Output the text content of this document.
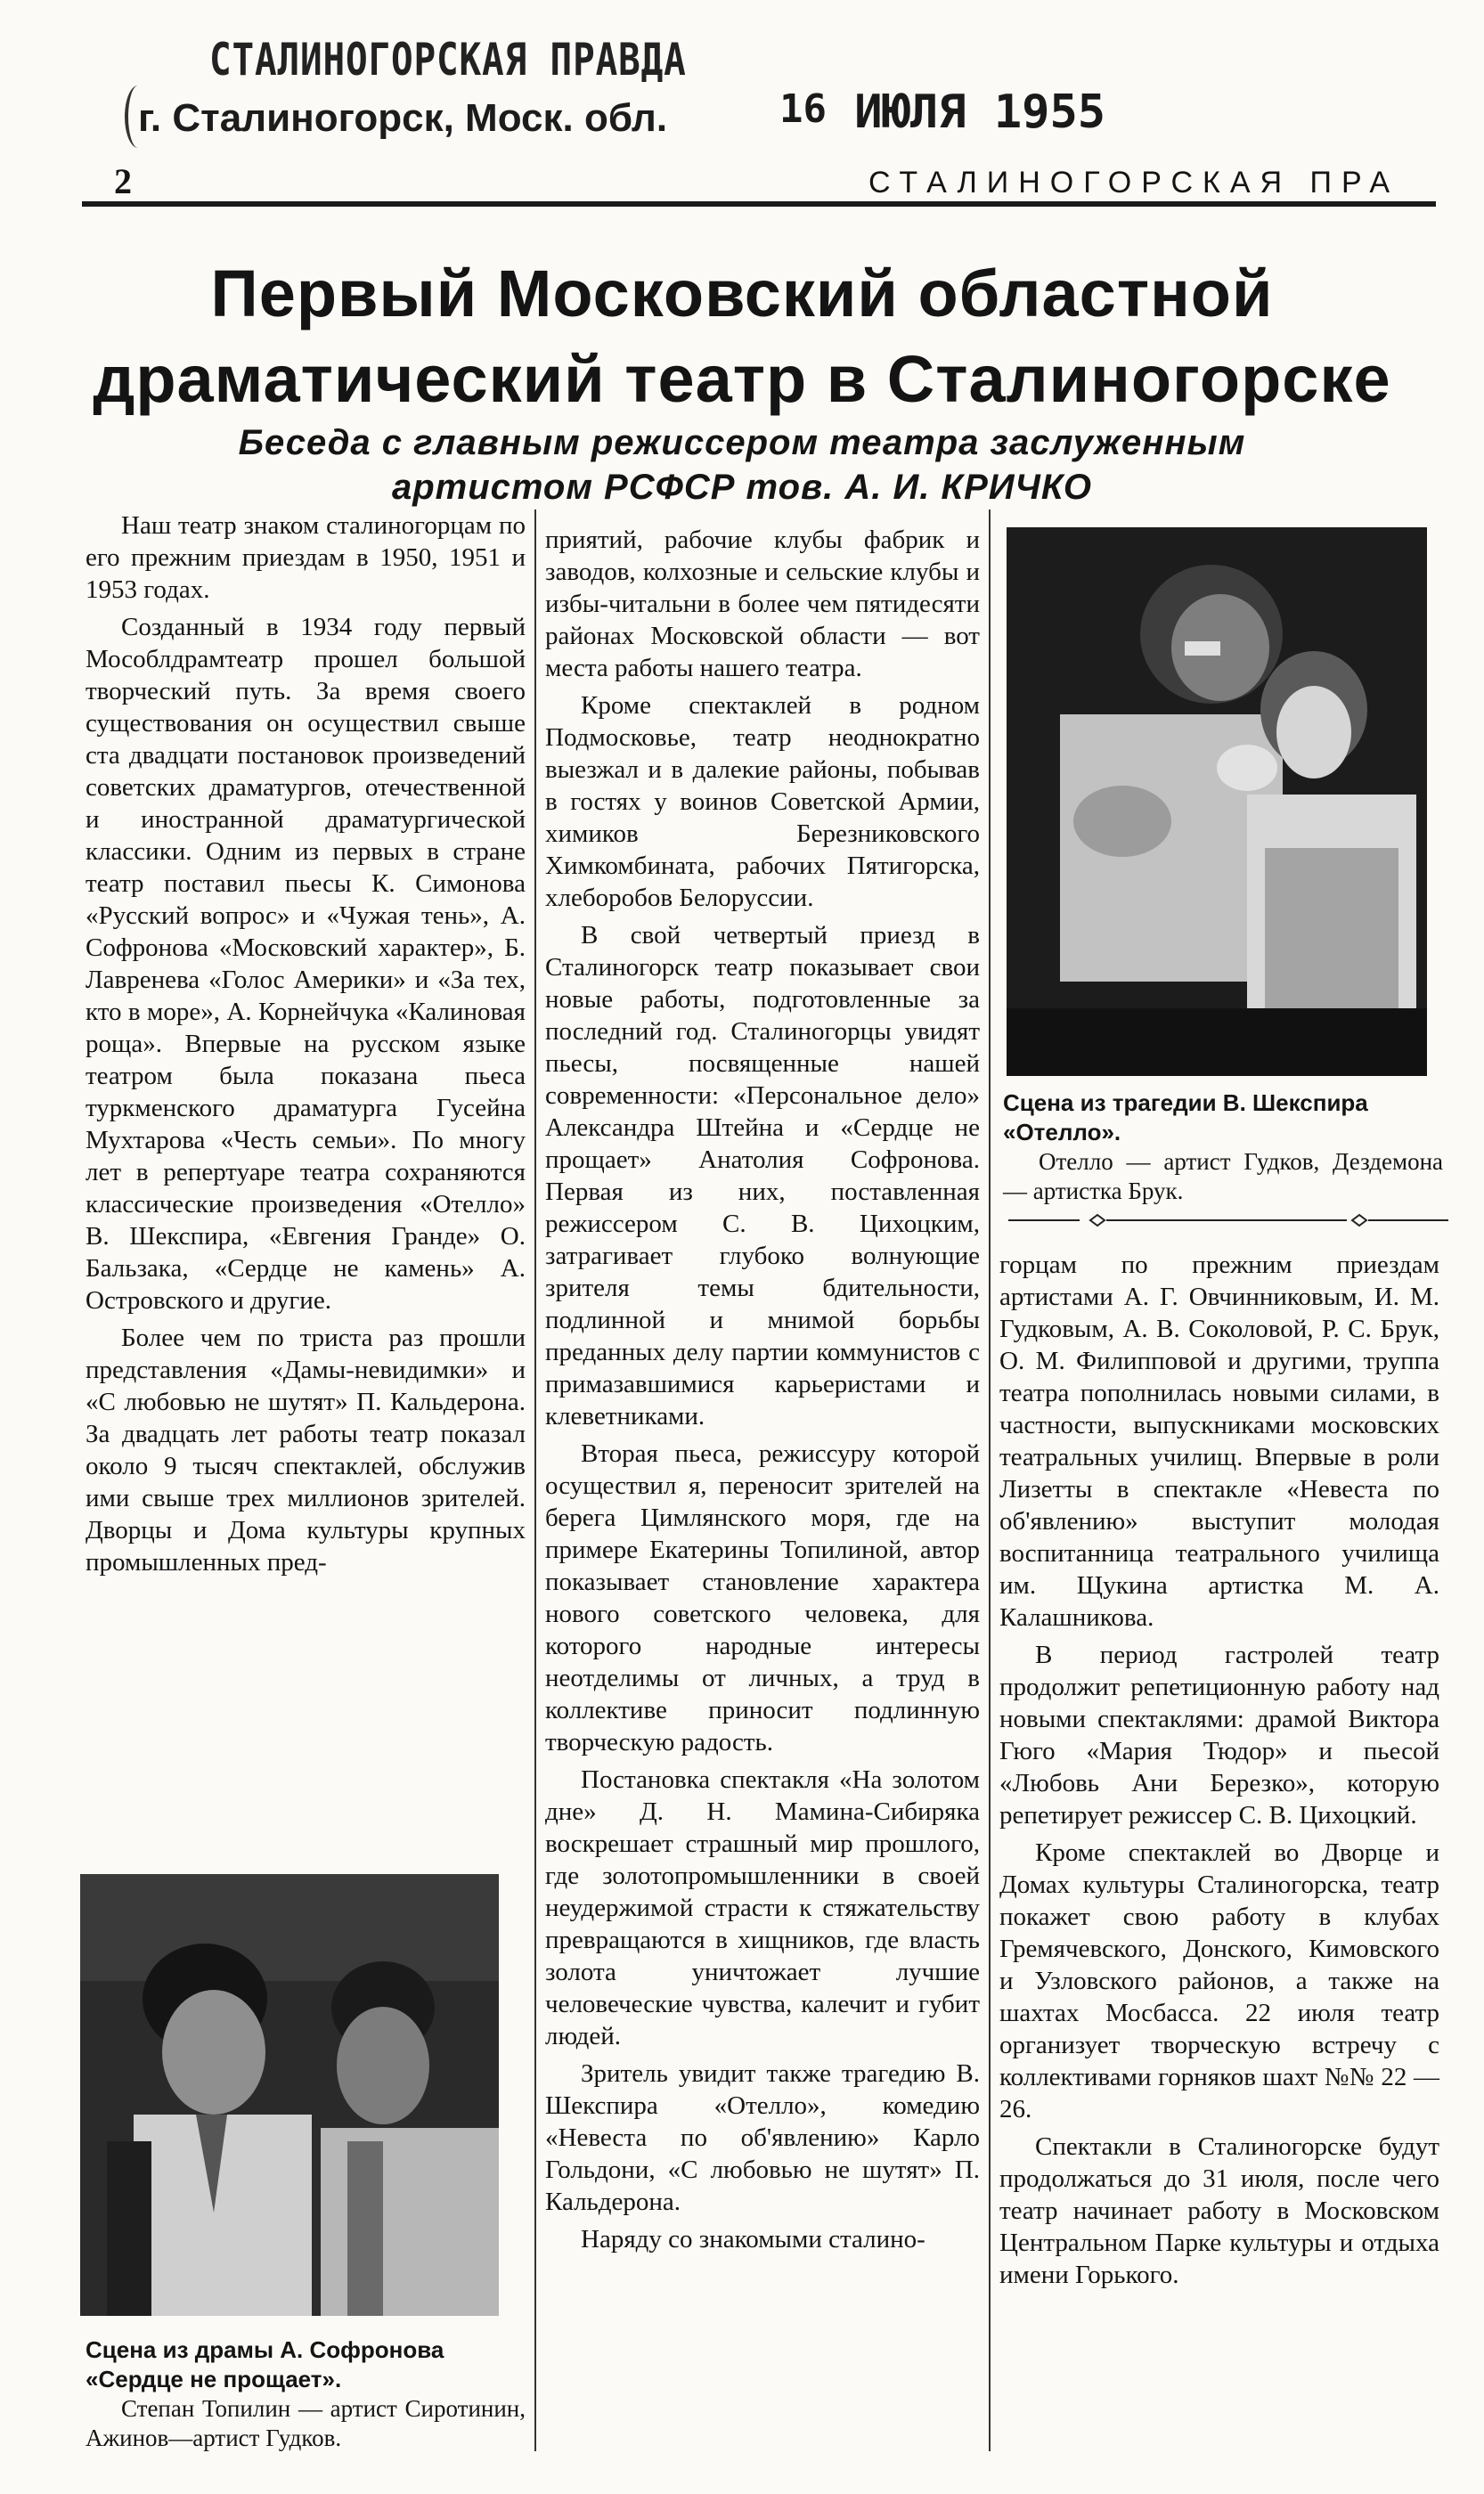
СТАЛИНОГОРСКАЯ ПРАВДА
г. Сталиногорск, Моск. обл.	16 ИЮЛЯ 1955
2	СТАЛИНОГОРСКАЯ ПРА
Первый Московский областной
драматический театр в Сталиногорске
Беседа с главным режиссером театра заслуженным
артистом РСФСР тов. А. И. КРИЧКО

Наш театр знаком сталиногорцам по его прежним приездам в 1950, 1951 и 1953 годах.

Созданный в 1934 году первый Мособлдрамтеатр прошел большой творческий путь. За время своего существования он осуществил свыше ста двадцати постановок произведений советских драматургов, отечественной и иностранной драматургической классики. Одним из первых в стране театр поставил пьесы К. Симонова «Русский вопрос» и «Чужая тень», А. Софронова «Московский характер», Б. Лавренева «Голос Америки» и «За тех, кто в море», А. Корнейчука «Калиновая роща». Впервые на русском языке театром была показана пьеса туркменского драматурга Гусейна Мухтарова «Честь семьи». По многу лет в репертуаре театра сохраняются классические произведения «Отелло» В. Шекспира, «Евгения Гранде» О. Бальзака, «Сердце не камень» А. Островского и другие.

Более чем по триста раз прошли представления «Дамы-невидимки» и «С любовью не шутят» П. Кальдерона. За двадцать лет работы театр показал около 9 тысяч спектаклей, обслужив ими свыше трех миллионов зрителей. Дворцы и Дома культуры крупных промышленных пред-

Сцена из драмы А. Софронова «Сердце не прощает».

Степан Топилин — артист Сиротинин, Ажинов—артист Гудков.

приятий, рабочие клубы фабрик и заводов, колхозные и сельские клубы и избы-читальни в более чем пятидесяти районах Московской области — вот места работы нашего театра.

Кроме спектаклей в родном Подмосковье, театр неоднократно выезжал и в далекие районы, побывав в гостях у воинов Советской Армии, химиков Березниковского Химкомбината, рабочих Пятигорска, хлеборобов Белоруссии.

В свой четвертый приезд в Сталиногорск театр показывает свои новые работы, подготовленные за последний год. Сталиногорцы увидят пьесы, посвященные нашей современности: «Персональное дело» Александра Штейна и «Сердце не прощает» Анатолия Софронова. Первая из них, поставленная режиссером С. В. Цихоцким, затрагивает глубоко волнующие зрителя темы бдительности, подлинной и мнимой борьбы преданных делу партии коммунистов с примазавшимися карьеристами и клеветниками.

Вторая пьеса, режиссуру которой осуществил я, переносит зрителей на берега Цимлянского моря, где на примере Екатерины Топилиной, автор показывает становление характера нового советского человека, для которого народные интересы неотделимы от личных, а труд в коллективе приносит подлинную творческую радость.

Постановка спектакля «На золотом дне» Д. Н. Мамина-Сибиряка воскрешает страшный мир прошлого, где золотопромышленники в своей неудержимой страсти к стяжательству превращаются в хищников, где власть золота уничтожает лучшие человеческие чувства, калечит и губит людей.

Зритель увидит также трагедию В. Шекспира «Отелло», комедию «Невеста по об'явлению» Карло Гольдони, «С любовью не шутят» П. Кальдерона.

Наряду со знакомыми сталино-

Сцена из трагедии В. Шекспира «Отелло».

Отелло — артист Гудков, Дездемона — артистка Брук.

горцам по прежним приездам артистами А. Г. Овчинниковым, И. М. Гудковым, А. В. Соколовой, Р. С. Брук, О. М. Филипповой и другими, труппа театра пополнилась новыми силами, в частности, выпускниками московских театральных училищ. Впервые в роли Лизетты в спектакле «Невеста по об'явлению» выступит молодая воспитанница театрального училища им. Щукина артистка М. А. Калашникова.

В период гастролей театр продолжит репетиционную работу над новыми спектаклями: драмой Виктора Гюго «Мария Тюдор» и пьесой «Любовь Ани Березко», которую репетирует режиссер С. В. Цихоцкий.

Кроме спектаклей во Дворце и Домах культуры Сталиногорска, театр покажет свою работу в клубах Гремячевского, Донского, Кимовского и Узловского районов, а также на шахтах Мосбасса. 22 июля театр организует творческую встречу с коллективами горняков шахт №№ 22 — 26.

Спектакли в Сталиногорске будут продолжаться до 31 июля, после чего театр начинает работу в Московском Центральном Парке культуры и отдыха имени Горького.
